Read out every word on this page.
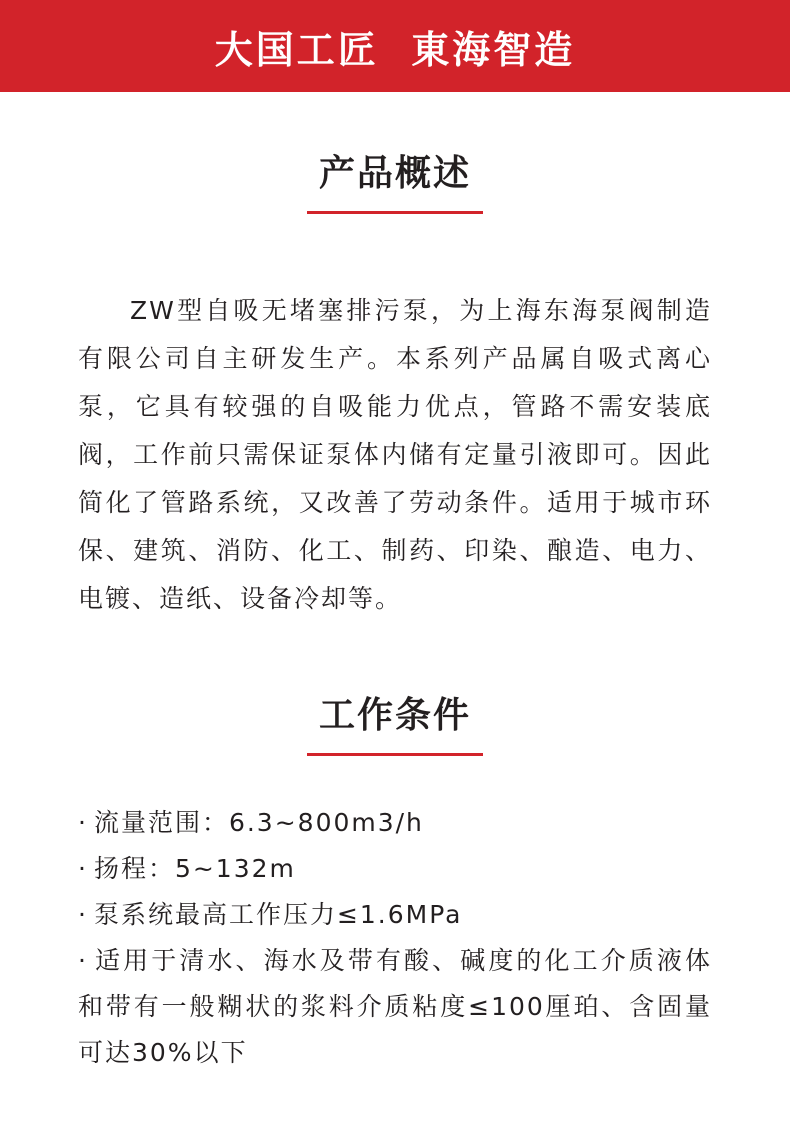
大国工匠  東海智造
产品概述

ZW型自吸无堵塞排污泵，为上海东海泵阀制造有限公司自主研发生产。本系列产品属自吸式离心泵，它具有较强的自吸能力优点，管路不需安装底阀，工作前只需保证泵体内储有定量引液即可。因此简化了管路系统，又改善了劳动条件。适用于城市环保、建筑、消防、化工、制药、印染、酿造、电力、电镀、造纸、设备冷却等。

工作条件
· 流量范围：6.3~800m3/h
· 扬程：5~132m
· 泵系统最高工作压力≤1.6MPa
· 适用于清水、海水及带有酸、碱度的化工介质液体和带有一般糊状的浆料介质粘度≤100厘珀、含固量可达30%以下
